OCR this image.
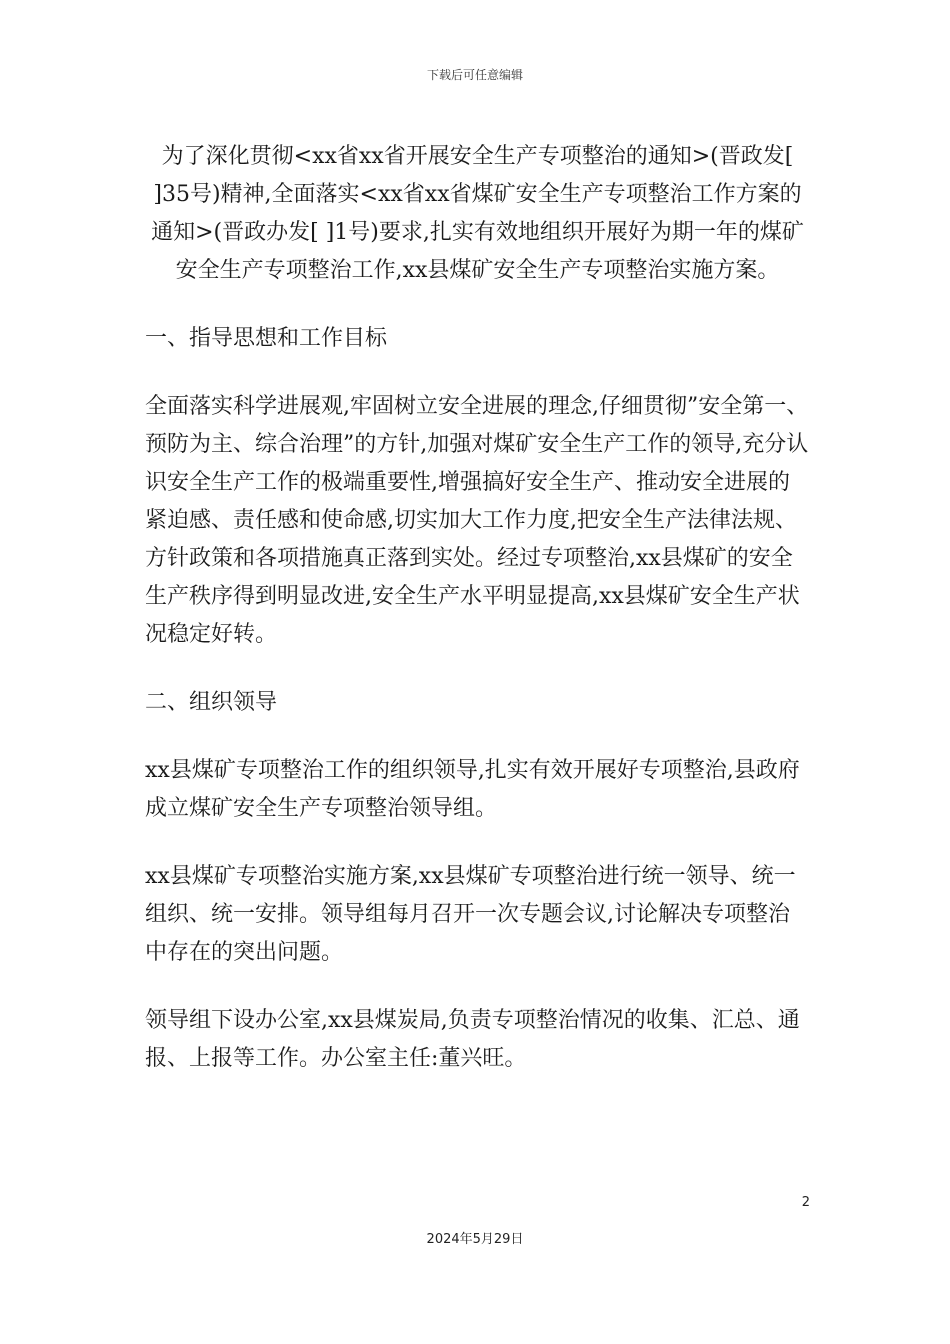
下载后可任意编辑

为了深化贯彻<xx省xx省开展安全生产专项整治的通知>(晋政发[ ]35号)精神,全面落实<xx省xx省煤矿安全生产专项整治工作方案的通知>(晋政办发[ ]1号)要求,扎实有效地组织开展好为期一年的煤矿安全生产专项整治工作,xx县煤矿安全生产专项整治实施方案。

一、指导思想和工作目标

全面落实科学进展观,牢固树立安全进展的理念,仔细贯彻”安全第一、预防为主、综合治理”的方针,加强对煤矿安全生产工作的领导,充分认识安全生产工作的极端重要性,增强搞好安全生产、推动安全进展的紧迫感、责任感和使命感,切实加大工作力度,把安全生产法律法规、方针政策和各项措施真正落到实处。经过专项整治,xx县煤矿的安全生产秩序得到明显改进,安全生产水平明显提高,xx县煤矿安全生产状况稳定好转。

二、组织领导

xx县煤矿专项整治工作的组织领导,扎实有效开展好专项整治,县政府成立煤矿安全生产专项整治领导组。

xx县煤矿专项整治实施方案,xx县煤矿专项整治进行统一领导、统一组织、统一安排。领导组每月召开一次专题会议,讨论解决专项整治中存在的突出问题。

领导组下设办公室,xx县煤炭局,负责专项整治情况的收集、汇总、通报、上报等工作。办公室主任:董兴旺。

2
2024年5月29日
